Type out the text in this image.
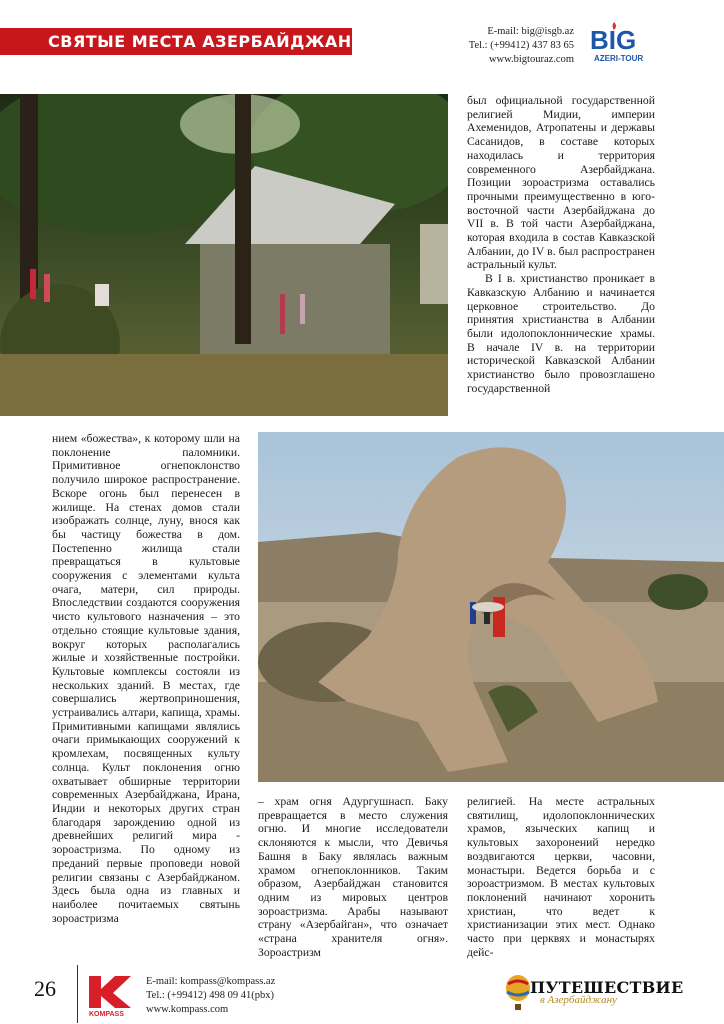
СВЯТЫЕ МЕСТА АЗЕРБАЙДЖАНА
E-mail: big@isgb.az
Tel.: (+99412) 437 83 65
www.bigtouraz.com
BIG
AZERI-TOUR

был официальной государственной религией Мидии, империи Ахеменидов, Атропатены и державы Сасанидов, в составе которых находилась и территория современного Азербайджана. Позиции зороастризма оставались прочными преимущественно в юго-восточной части Азербайджана до VII в. В той части Азербайджана, которая входила в состав Кавказской Албании, до IV в. был распространен астральный культ.

В I в. христианство проникает в Кавказскую Албанию и начинается церковное строительство. До принятия христианства в Албании были идолопоклоннические храмы. В начале IV в. на территории исторической Кавказской Албании христианство было провозглашено государственной

нием «божества», к которому шли на поклонение паломники. Примитивное огнепоклонство получило широкое распространение. Вскоре огонь был перенесен в жилище. На стенах домов стали изображать солнце, луну, внося как бы частицу божества в дом. Постепенно жилища стали превращаться в культовые сооружения с элементами культа очага, матери, сил природы. Впоследствии создаются сооружения чисто культового назначения – это отдельно стоящие культовые здания, вокруг которых располагались жилые и хозяйственные постройки. Культовые комплексы состояли из нескольких зданий. В местах, где совершались жертвоприношения, устраивались алтари, капища, храмы. Примитивными капищами являлись очаги примыкающих сооружений к кромлехам, посвященных культу солнца. Культ поклонения огню охватывает обширные территории современных Азербайджана, Ирана, Индии и некоторых других стран благодаря зарождению одной из древнейших религий мира - зороастризма. По одному из преданий первые проповеди новой религии связаны с Азербайджаном. Здесь была одна из главных и наиболее почитаемых святынь зороастризма

– храм огня Адургушнасп. Баку превращается в место служения огню. И многие исследователи склоняются к мысли, что Девичья Башня в Баку являлась важным храмом огнепоклонников. Таким образом, Азербайджан становится одним из мировых центров зороастризма. Арабы называют страну «Азербайган», что означает «страна хранителя огня». Зороастризм

религией. На месте астральных святилищ, идолопоклоннических храмов, языческих капищ и культовых захоронений нередко воздвигаются церкви, часовни, монастыри. Ведется борьба и с зороастризмом. В местах культовых поклонений начинают хоронить христиан, что ведет к христианизации этих мест. Однако часто при церквях и монастырях дейс-

26
KOMPASS
E-mail: kompass@kompass.az
Tel.: (+99412) 498 09 41(pbx)
www.kompass.com
ПУТЕШЕСТВИЕ
в Азербайджану
